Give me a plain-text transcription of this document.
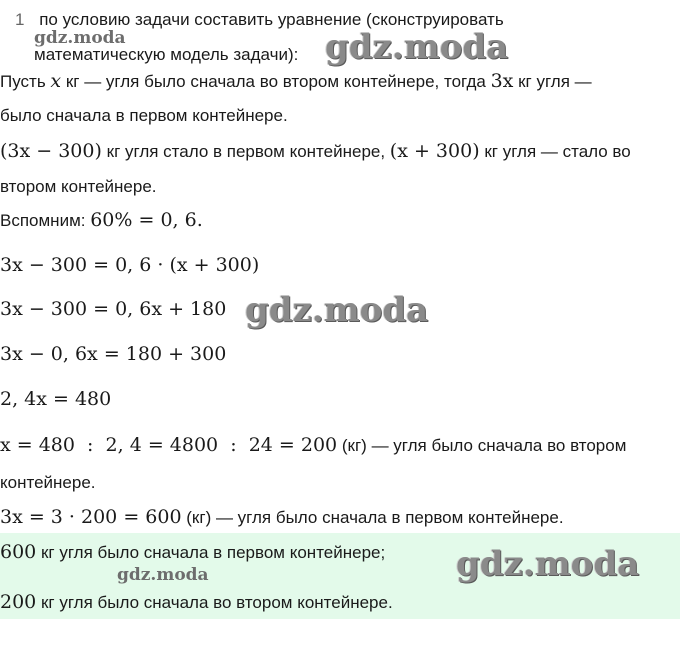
1 по условию задачи составить уравнение (сконструировать
математическую модель задачи):
gdz.moda	gdz.moda
gdz.moda
gdz.moda	gdz.moda
Пусть x кг — угля было сначала во втором контейнере, тогда 3x кг угля —
было сначала в первом контейнере.
(3x − 300) кг угля стало в первом контейнере, (x + 300) кг угля — стало во
втором контейнере.
Вспомним: 60% = 0, 6.
3x − 300 = 0, 6 · (x + 300)
3x − 300 = 0, 6x + 180
3x − 0, 6x = 180 + 300
2, 4x = 480
x = 480  :  2, 4 = 4800  :  24 = 200 (кг) — угля было сначала во втором
контейнере.
3x = 3 · 200 = 600 (кг) — угля было сначала в первом контейнере.
600 кг угля было сначала в первом контейнере;
200 кг угля было сначала во втором контейнере.
